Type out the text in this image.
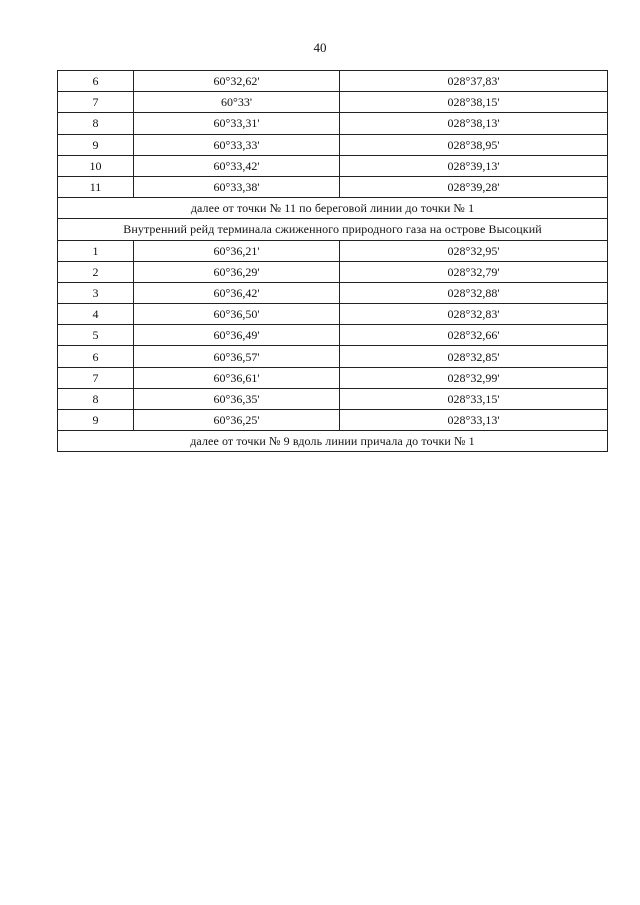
40
6	60°32,62'	028°37,83'
7	60°33'	028°38,15'
8	60°33,31'	028°38,13'
9	60°33,33'	028°38,95'
10	60°33,42'	028°39,13'
11	60°33,38'	028°39,28'
далее от точки № 11 по береговой линии до точки № 1		
Внутренний рейд терминала сжиженного природного газа на острове Высоцкий		
1	60°36,21'	028°32,95'
2	60°36,29'	028°32,79'
3	60°36,42'	028°32,88'
4	60°36,50'	028°32,83'
5	60°36,49'	028°32,66'
6	60°36,57'	028°32,85'
7	60°36,61'	028°32,99'
8	60°36,35'	028°33,15'
9	60°36,25'	028°33,13'
далее от точки № 9 вдоль линии причала до точки № 1		
